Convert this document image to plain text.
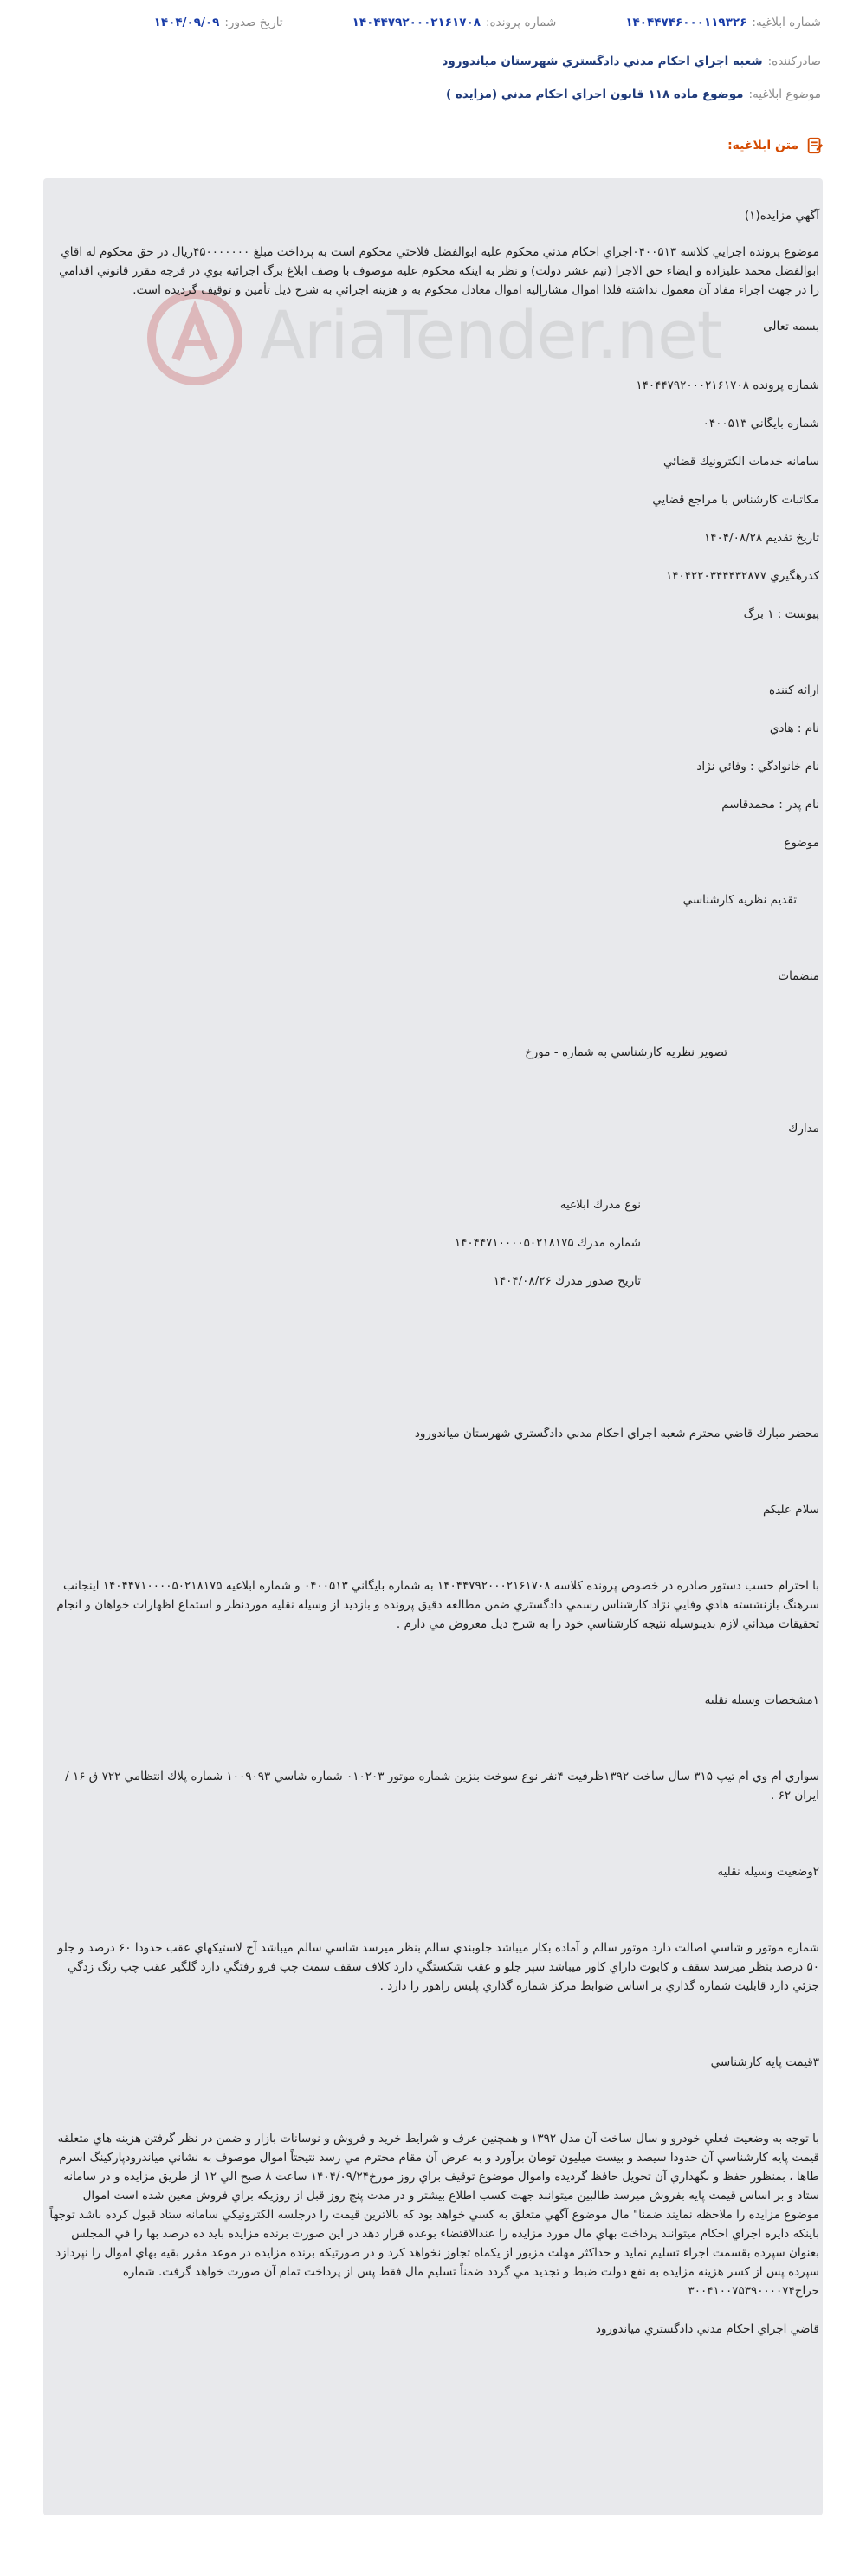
شماره ابلاغیه:
۱۴۰۴۴۷۴۶۰۰۰۱۱۹۳۲۶
شماره پرونده:
۱۴۰۴۴۷۹۲۰۰۰۲۱۶۱۷۰۸
تاریخ صدور:
۱۴۰۴/۰۹/۰۹
صادرکننده:
شعبه اجراي احكام مدني دادگستري شهرستان مياندورود
موضوع ابلاغیه:
موضوع ماده ۱۱۸ قانون اجراي احكام مدني (مزايده )
متن ابلاغیه:
AriaTender.net

آگهي مزايده(۱)

موضوع پرونده اجرايي كلاسه ۰۴۰۰۵۱۳اجراي احكام مدني محكوم عليه ابوالفضل فلاحتي محكوم است به پرداخت مبلغ ۴۵۰۰۰۰۰۰۰ريال در حق محكوم له اقاي ابوالفضل محمد عليزاده و ايضاء حق الاجرا (نيم عشر دولت) و نظر به اينكه محكوم عليه موصوف با وصف ابلاغ برگ اجرائيه بوي در فرجه مقرر قانوني اقدامي را در جهت اجراء مفاد آن معمول نداشته فلذا اموال مشارإليه اموال معادل محكوم به و هزينه اجرائي به شرح ذيل تأمين و توقيف گرديده است.

بسمه تعالی

شماره پرونده ۱۴۰۴۴۷۹۲۰۰۰۲۱۶۱۷۰۸

شماره بايگاني ۰۴۰۰۵۱۳

سامانه خدمات الكترونيك قضائي

مكاتبات كارشناس با مراجع قضايي

تاريخ تقديم ۱۴۰۴/۰۸/۲۸

كدرهگيري ۱۴۰۴۲۲۰۳۴۴۴۳۲۸۷۷

پيوست : ۱ برگ

ارائه كننده

نام : هادي

نام خانوادگي : وفائي نژاد

نام پدر : محمدقاسم

موضوع

تقديم نظريه كارشناسي

منضمات

تصوير نظريه كارشناسي به شماره - مورخ

مدارك

نوع مدرك ابلاغيه

شماره مدرك ۱۴۰۴۴۷۱۰۰۰۰۵۰۲۱۸۱۷۵

تاريخ صدور مدرك ۱۴۰۴/۰۸/۲۶

محضر مبارك قاضي محترم شعبه اجراي احكام مدني دادگستري شهرستان مياندورود

سلام عليكم

با احترام حسب دستور صادره در خصوص پرونده كلاسه ۱۴۰۴۴۷۹۲۰۰۰۲۱۶۱۷۰۸ به شماره بايگاني ۰۴۰۰۵۱۳ و شماره ابلاغيه ۱۴۰۴۴۷۱۰۰۰۰۵۰۲۱۸۱۷۵ اينجانب سرهنگ بازنشسته هادي وفايي نژاد كارشناس رسمي دادگستري ضمن مطالعه دقيق پرونده و بازديد از وسيله نقليه موردنظر و استماع اظهارات خواهان و انجام تحقيقات ميداني لازم بدينوسيله نتيجه كارشناسي خود را به شرح ذيل معروض مي دارم .

۱مشخصات وسيله نقليه

سواري ام وي ام تيپ ۳۱۵ سال ساخت ۱۳۹۲ظرفيت ۴نفر نوع سوخت بنزين شماره موتور ۰۱۰۲۰۳ شماره شاسي ۱۰۰۹۰۹۳ شماره پلاك انتظامي ۷۲۲ ق ۱۶ / ايران ۶۲ .

۲وضعيت وسيله نقليه

شماره موتور و شاسي اصالت دارد موتور سالم و آماده بكار ميباشد جلوبندي سالم بنظر ميرسد شاسي سالم ميباشد آج لاستيكهاي عقب حدودا ۶۰ درصد و جلو ۵۰ درصد بنظر ميرسد سقف و كابوت داراي كاور ميباشد سپر جلو و عقب شكستگي دارد كلاف سقف سمت چپ فرو رفتگي دارد گلگير عقب چپ رنگ زدگي جزئي دارد قابليت شماره گذاري بر اساس ضوابط مركز شماره گذاري پليس راهور را دارد .

۳قيمت پايه كارشناسي

با توجه به وضعيت فعلي خودرو و سال ساخت آن مدل ۱۳۹۲ و همچنين عرف و شرايط خريد و فروش و نوسانات بازار و ضمن در نظر گرفتن هزينه هاي متعلقه قيمت پايه كارشناسي آن حدودا سيصد و بيست ميليون تومان برآورد و به عرض آن مقام محترم مي رسد نتيجتاً اموال موصوف به نشاني مياندرودپاركينگ اسرم طاها ، بمنظور حفظ و نگهداري آن تحويل حافظ گرديده واموال موضوع توقيف براي روز مورخ۱۴۰۴/۰۹/۲۴ ساعت ۸ صبح الي ۱۲ از طريق مزايده و در سامانه ستاد و بر اساس قيمت پايه بفروش ميرسد طالبين ميتوانند جهت كسب اطلاع بيشتر و در مدت پنج روز قبل از روزيكه براي فروش معين شده است اموال موضوع مزايده را ملاحظه نمايند ضمنا" مال موضوع آگهي متعلق به كسي خواهد بود كه بالاترين قيمت را درجلسه الكترونيكي سامانه ستاد قبول كرده باشد توجهاً باينكه دايره اجراي احكام ميتوانند پرداخت بهاي مال مورد مزايده را عندالاقتضاء بوعده قرار دهد در اين صورت برنده مزايده بايد ده درصد بها را في المجلس بعنوان سپرده بقسمت اجراء تسليم نمايد و حداكثر مهلت مزبور از يكماه تجاوز نخواهد كرد و در صورتيكه برنده مزايده در موعد مقرر بقيه بهاي اموال را نپردازد سپرده پس از كسر هزينه مزايده به نفع دولت ضبط و تجديد مي گردد ضمناً تسليم مال فقط پس از پرداخت تمام آن صورت خواهد گرفت. شماره حراج۳۰۰۴۱۰۰۷۵۳۹۰۰۰۰۷۴

قاضي اجراي احكام مدني دادگستري مياندورود
